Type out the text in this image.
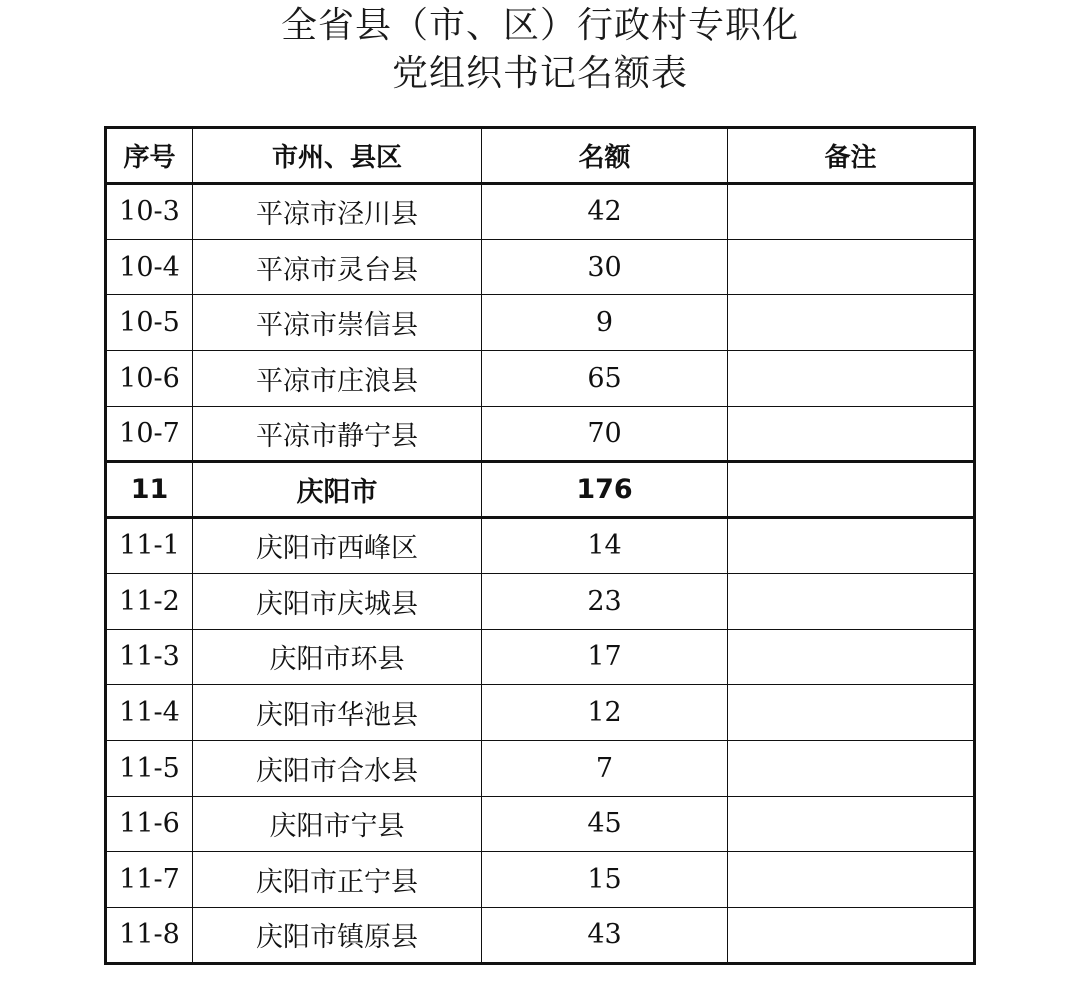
全省县（市、区）行政村专职化
党组织书记名额表
序号	市州、县区	名额	备注
10-3	平凉市泾川县	42	
10-4	平凉市灵台县	30	
10-5	平凉市崇信县	9	
10-6	平凉市庄浪县	65	
10-7	平凉市静宁县	70	
11	庆阳市	176	
11-1	庆阳市西峰区	14	
11-2	庆阳市庆城县	23	
11-3	庆阳市环县	17	
11-4	庆阳市华池县	12	
11-5	庆阳市合水县	7	
11-6	庆阳市宁县	45	
11-7	庆阳市正宁县	15	
11-8	庆阳市镇原县	43	
